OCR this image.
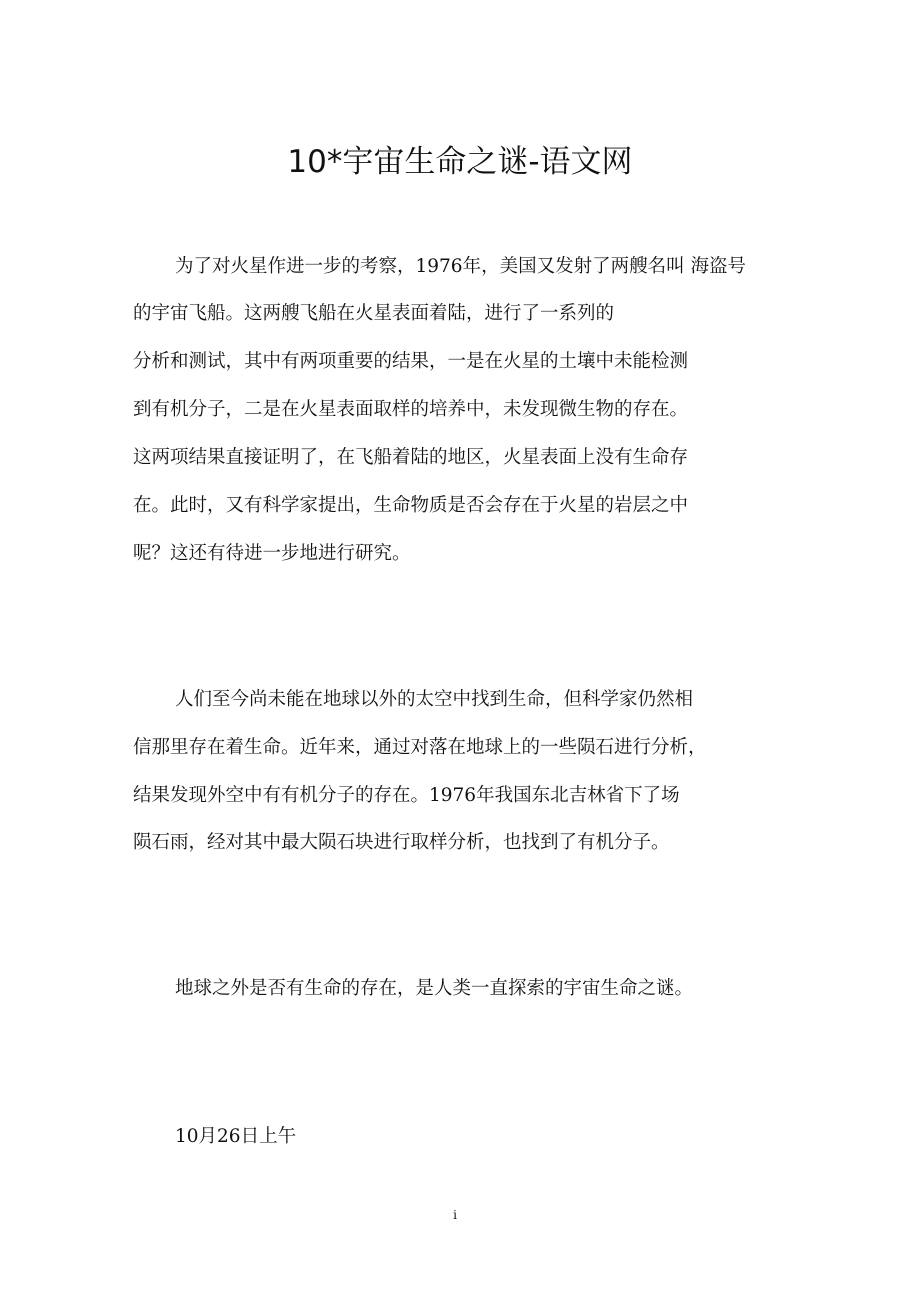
10*宇宙生命之谜-语文网
为了对火星作进一步的考察，1976年，美国又发射了两艘名叫 海盗号
的宇宙飞船。这两艘飞船在火星表面着陆，进行了一系列的
分析和测试，其中有两项重要的结果，一是在火星的土壤中未能检测
到有机分子，二是在火星表面取样的培养中，未发现微生物的存在。
这两项结果直接证明了，在飞船着陆的地区，火星表面上没有生命存
在。此时，又有科学家提出，生命物质是否会存在于火星的岩层之中
呢？这还有待进一步地进行研究。
人们至今尚未能在地球以外的太空中找到生命，但科学家仍然相
信那里存在着生命。近年来，通过对落在地球上的一些陨石进行分析，
结果发现外空中有有机分子的存在。1976年我国东北吉林省下了场
陨石雨，经对其中最大陨石块进行取样分析，也找到了有机分子。
地球之外是否有生命的存在，是人类一直探索的宇宙生命之谜。
10月26日上午
i
